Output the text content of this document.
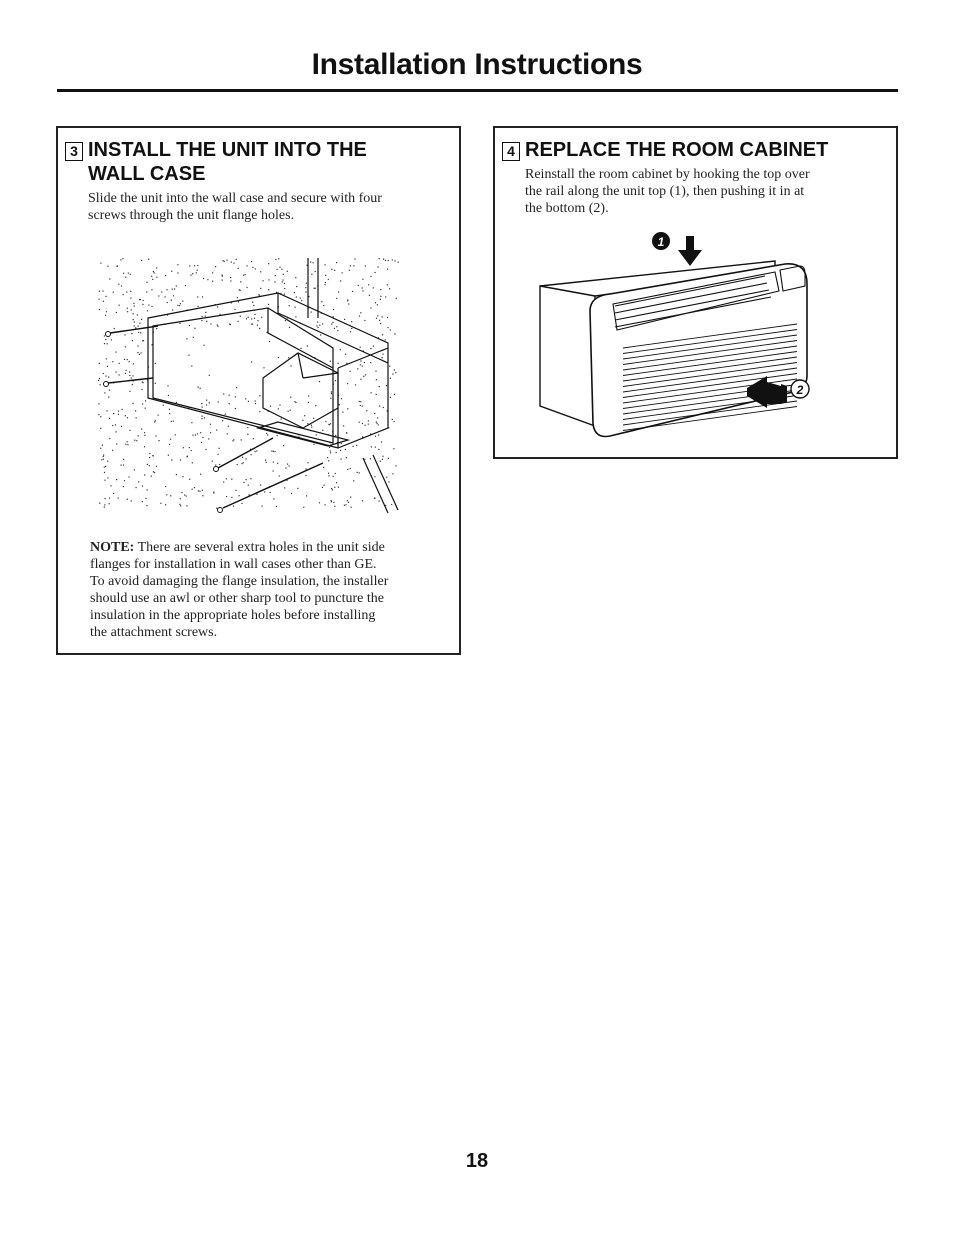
Installation Instructions
3 INSTALL THE UNIT INTO THE
WALL CASE
Slide the unit into the wall case and secure with four
screws through the unit flange holes.
NOTE: There are several extra holes in the unit side
flanges for installation in wall cases other than GE.
To avoid damaging the flange insulation, the installer
should use an awl or other sharp tool to puncture the
insulation in the appropriate holes before installing
the attachment screws.
4 REPLACE THE ROOM CABINET
Reinstall the room cabinet by hooking the top over
the rail along the unit top (1), then pushing it in at
the bottom (2).
1
2
18
